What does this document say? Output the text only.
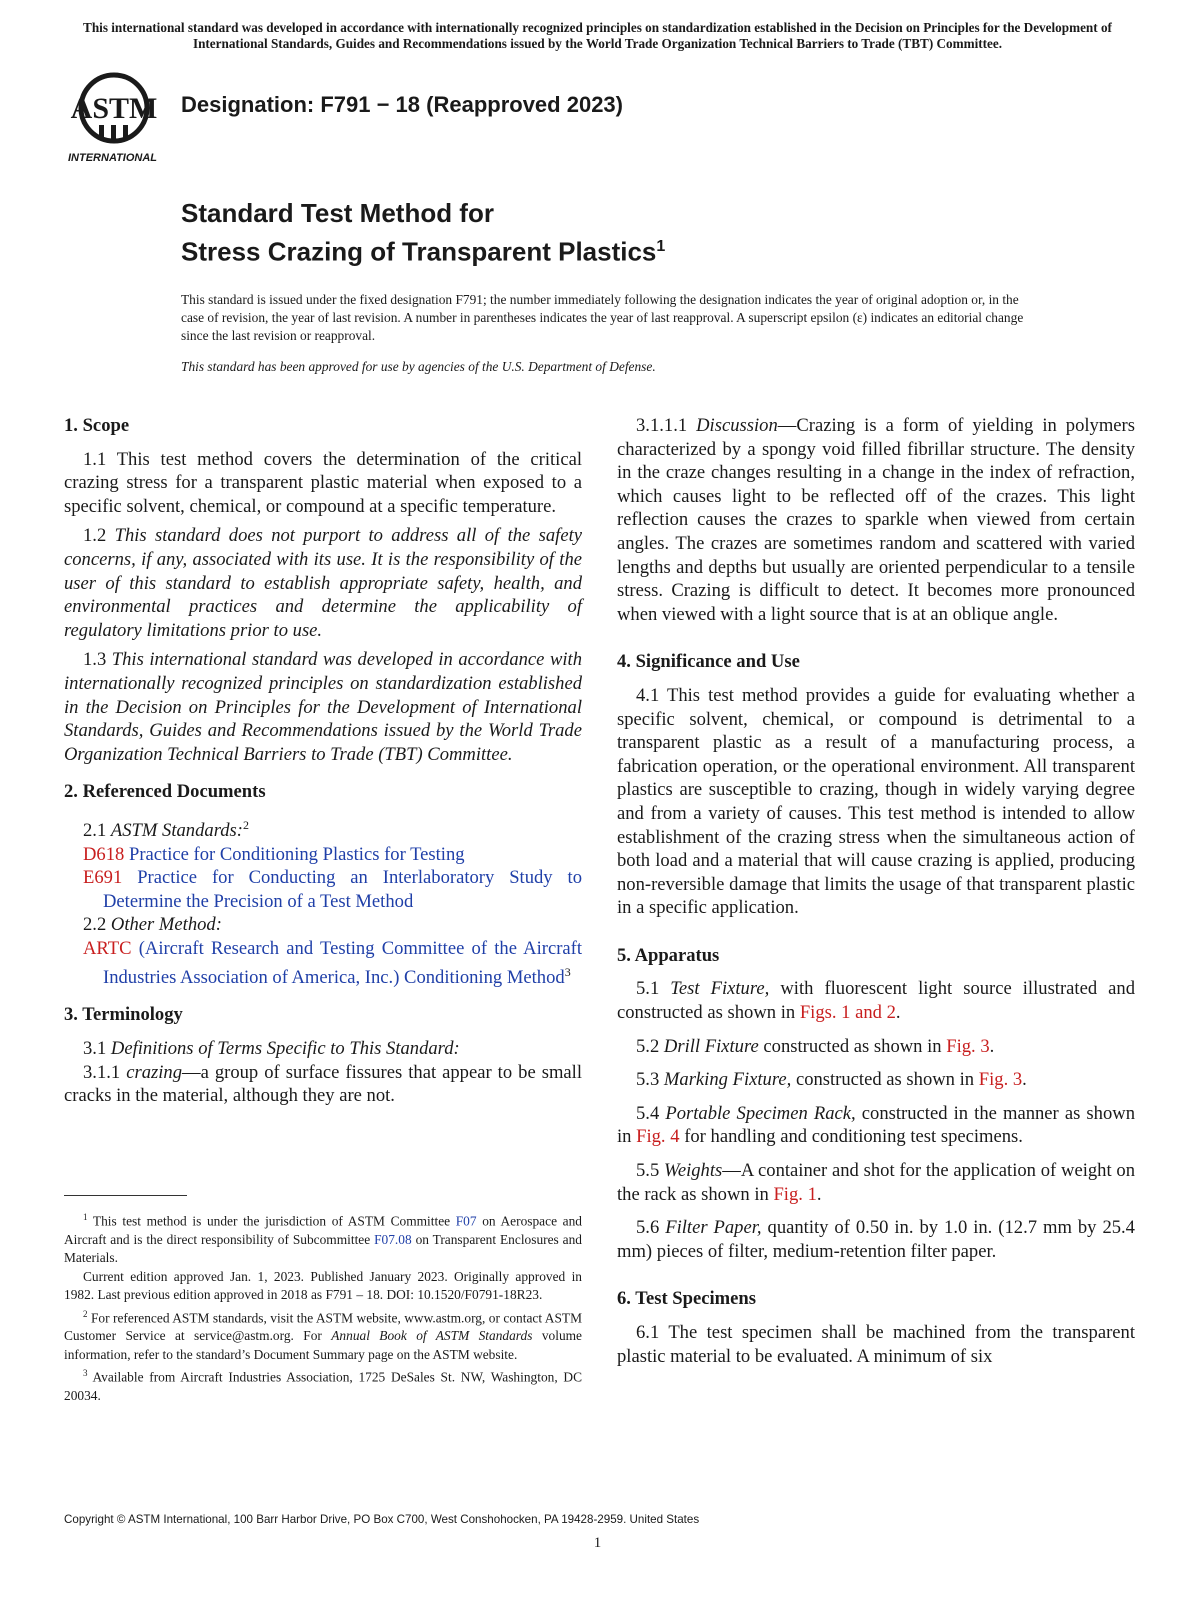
This international standard was developed in accordance with internationally recognized principles on standardization established in the Decision on Principles for the Development of International Standards, Guides and Recommendations issued by the World Trade Organization Technical Barriers to Trade (TBT) Committee.
ASTM
INTERNATIONAL
Designation: F791 − 18 (Reapproved 2023)
Standard Test Method for
Stress Crazing of Transparent Plastics$^1$
This standard is issued under the fixed designation F791; the number immediately following the designation indicates the year of original adoption or, in the case of revision, the year of last revision. A number in parentheses indicates the year of last reapproval. A superscript epsilon (ε) indicates an editorial change since the last revision or reapproval.
This standard has been approved for use by agencies of the U.S. Department of Defense.
1. Scope

1.1 This test method covers the determination of the critical crazing stress for a transparent plastic material when exposed to a specific solvent, chemical, or compound at a specific temperature.

1.2 This standard does not purport to address all of the safety concerns, if any, associated with its use. It is the responsibility of the user of this standard to establish appropriate safety, health, and environmental practices and determine the applicability of regulatory limitations prior to use.

1.3 This international standard was developed in accordance with internationally recognized principles on standardization established in the Decision on Principles for the Development of International Standards, Guides and Recommendations issued by the World Trade Organization Technical Barriers to Trade (TBT) Committee.

2. Referenced Documents
2.1 ASTM Standards:$^2$

D618 Practice for Conditioning Plastics for Testing

E691 Practice for Conducting an Interlaboratory Study to Determine the Precision of a Test Method

2.2 Other Method:

ARTC (Aircraft Research and Testing Committee of the Aircraft Industries Association of America, Inc.) Conditioning Method$^3$

3. Terminology
3.1 Definitions of Terms Specific to This Standard:

3.1.1 crazing—a group of surface fissures that appear to be small cracks in the material, although they are not.

3.1.1.1 Discussion—Crazing is a form of yielding in polymers characterized by a spongy void filled fibrillar structure. The density in the craze changes resulting in a change in the index of refraction, which causes light to be reflected off of the crazes. This light reflection causes the crazes to sparkle when viewed from certain angles. The crazes are sometimes random and scattered with varied lengths and depths but usually are oriented perpendicular to a tensile stress. Crazing is difficult to detect. It becomes more pronounced when viewed with a light source that is at an oblique angle.

4. Significance and Use

4.1 This test method provides a guide for evaluating whether a specific solvent, chemical, or compound is detrimental to a transparent plastic as a result of a manufacturing process, a fabrication operation, or the operational environment. All transparent plastics are susceptible to crazing, though in widely varying degree and from a variety of causes. This test method is intended to allow establishment of the crazing stress when the simultaneous action of both load and a material that will cause crazing is applied, producing non-reversible damage that limits the usage of that transparent plastic in a specific application.

5. Apparatus

5.1 Test Fixture, with fluorescent light source illustrated and constructed as shown in Figs. 1 and 2.

5.2 Drill Fixture constructed as shown in Fig. 3.

5.3 Marking Fixture, constructed as shown in Fig. 3.

5.4 Portable Specimen Rack, constructed in the manner as shown in Fig. 4 for handling and conditioning test specimens.

5.5 Weights—A container and shot for the application of weight on the rack as shown in Fig. 1.

5.6 Filter Paper, quantity of 0.50 in. by 1.0 in. (12.7 mm by 25.4 mm) pieces of filter, medium-retention filter paper.

6. Test Specimens

6.1 The test specimen shall be machined from the transparent plastic material to be evaluated. A minimum of six

$^1$ This test method is under the jurisdiction of ASTM Committee F07 on Aerospace and Aircraft and is the direct responsibility of Subcommittee F07.08 on Transparent Enclosures and Materials.

Current edition approved Jan. 1, 2023. Published January 2023. Originally approved in 1982. Last previous edition approved in 2018 as F791 – 18. DOI: 10.1520/F0791-18R23.

$^2$ For referenced ASTM standards, visit the ASTM website, www.astm.org, or contact ASTM Customer Service at service@astm.org. For Annual Book of ASTM Standards volume information, refer to the standard’s Document Summary page on the ASTM website.

$^3$ Available from Aircraft Industries Association, 1725 DeSales St. NW, Washington, DC 20034.

Copyright © ASTM International, 100 Barr Harbor Drive, PO Box C700, West Conshohocken, PA 19428-2959. United States
1
